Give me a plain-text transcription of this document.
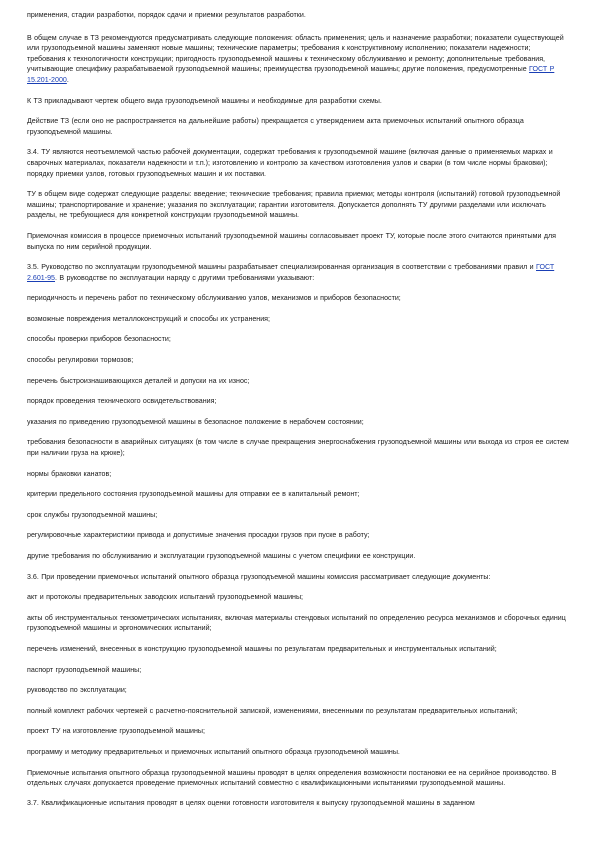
применения, стадии разработки, порядок сдачи и приемки результатов разработки.

В общем случае в ТЗ рекомендуются предусматривать следующие положения: область применения; цель и назначение разработки; показатели существующей или грузоподъемной машины заменяют новые машины; технические параметры; требования к конструктивному исполнению; показатели надежности; требования к технологичности конструкции; пригодность грузоподъемной машины к техническому обслуживанию и ремонту; дополнительные требования, учитывающие специфику разрабатываемой грузоподъемной машины; преимущества грузоподъемной машины; другие положения, предусмотренные ГОСТ Р 15.201-2000.

К ТЗ прикладывают чертеж общего вида грузоподъемной машины и необходимые для разработки схемы.

Действие ТЗ (если оно не распространяется на дальнейшие работы) прекращается с утверждением акта приемочных испытаний опытного образца грузоподъемной машины.

3.4. ТУ являются неотъемлемой частью рабочей документации, содержат требования к грузоподъемной машине (включая данные о применяемых марках и сварочных материалах, показатели надежности и т.п.); изготовлению и контролю за качеством изготовления узлов и сварки (в том числе нормы браковки); порядку приемки узлов, готовых грузоподъемных машин и их поставки.

ТУ в общем виде содержат следующие разделы: введение; технические требования; правила приемки; методы контроля (испытаний) готовой грузоподъемной машины; транспортирование и хранение; указания по эксплуатации; гарантии изготовителя. Допускается дополнять ТУ другими разделами или исключать разделы, не требующиеся для конкретной конструкции грузоподъемной машины.

Приемочная комиссия в процессе приемочных испытаний грузоподъемной машины согласовывает проект ТУ, которые после этого считаются принятыми для выпуска по ним серийной продукции.

3.5. Руководство по эксплуатации грузоподъемной машины разрабатывает специализированная организация в соответствии с требованиями правил и ГОСТ 2.601-95. В руководстве по эксплуатации наряду с другими требованиями указывают:

периодичность и перечень работ по техническому обслуживанию узлов, механизмов и приборов безопасности;

возможные повреждения металлоконструкций и способы их устранения;

способы проверки приборов безопасности;

способы регулировки тормозов;

перечень быстроизнашивающихся деталей и допуски на их износ;

порядок проведения технического освидетельствования;

указания по приведению грузоподъемной машины в безопасное положение в нерабочем состоянии;

требования безопасности в аварийных ситуациях (в том числе в случае прекращения энергоснабжения грузоподъемной машины или выхода из строя ее систем при наличии груза на крюке);

нормы браковки канатов;

критерии предельного состояния грузоподъемной машины для отправки ее в капитальный ремонт;

срок службы грузоподъемной машины;

регулировочные характеристики привода и допустимые значения просадки грузов при пуске в работу;

другие требования по обслуживанию и эксплуатации грузоподъемной машины с учетом специфики ее конструкции.

3.6. При проведении приемочных испытаний опытного образца грузоподъемной машины комиссия рассматривает следующие документы:

акт и протоколы предварительных заводских испытаний грузоподъемной машины;

акты об инструментальных тензометрических испытаниях, включая материалы стендовых испытаний по определению ресурса механизмов и сборочных единиц грузоподъемной машины и эргономических испытаний;

перечень изменений, внесенных в конструкцию грузоподъемной машины по результатам предварительных и инструментальных испытаний;

паспорт грузоподъемной машины;

руководство по эксплуатации;

полный комплект рабочих чертежей с расчетно-пояснительной запиской, изменениями, внесенными по результатам предварительных испытаний;

проект ТУ на изготовление грузоподъемной машины;

программу и методику предварительных и приемочных испытаний опытного образца грузоподъемной машины.

Приемочные испытания опытного образца грузоподъемной машины проводят в целях определения возможности постановки ее на серийное производство. В отдельных случаях допускается проведение приемочных испытаний совместно с квалификационными испытаниями грузоподъемной машины.

3.7. Квалификационные испытания проводят в целях оценки готовности изготовителя к выпуску грузоподъемной машины в заданном
